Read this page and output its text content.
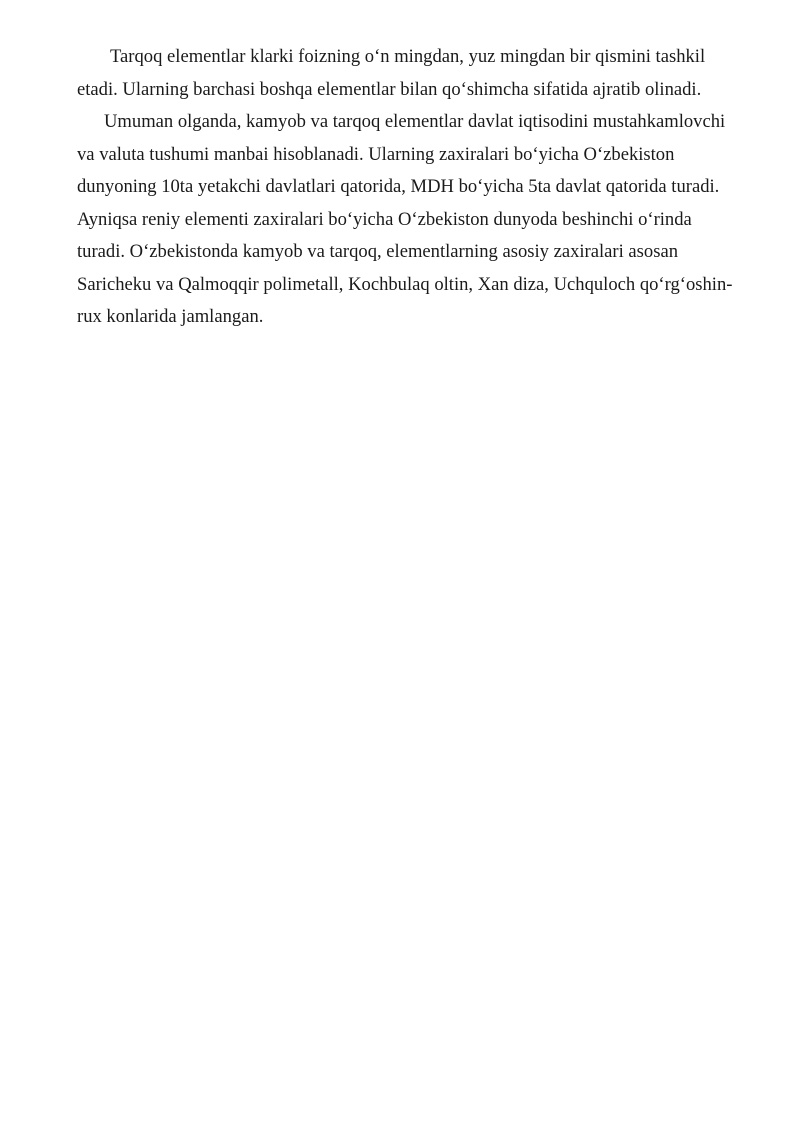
Tarqoq elementlar klarki foizning o‘n mingdan, yuz mingdan bir qismini tashkil
etadi. Ularning barchasi boshqa elementlar bilan qo‘shimcha sifatida ajratib olinadi.
Umuman olganda, kamyob va tarqoq elementlar davlat iqtisodini mustahkamlovchi
va valuta tushumi manbai hisoblanadi. Ularning zaxiralari bo‘yicha O‘zbekiston
dunyoning 10ta yetakchi davlatlari qatorida, MDH bo‘yicha 5ta davlat qatorida turadi.
Ayniqsa reniy elementi zaxiralari bo‘yicha O‘zbekiston dunyoda beshinchi o‘rinda
turadi. O‘zbekistonda kamyob va tarqoq, elementlarning asosiy zaxiralari asosan
Saricheku va Qalmoqqir polimetall, Kochbulaq oltin, Xan diza, Uchquloch qo‘rg‘oshin-
rux konlarida jamlangan.
